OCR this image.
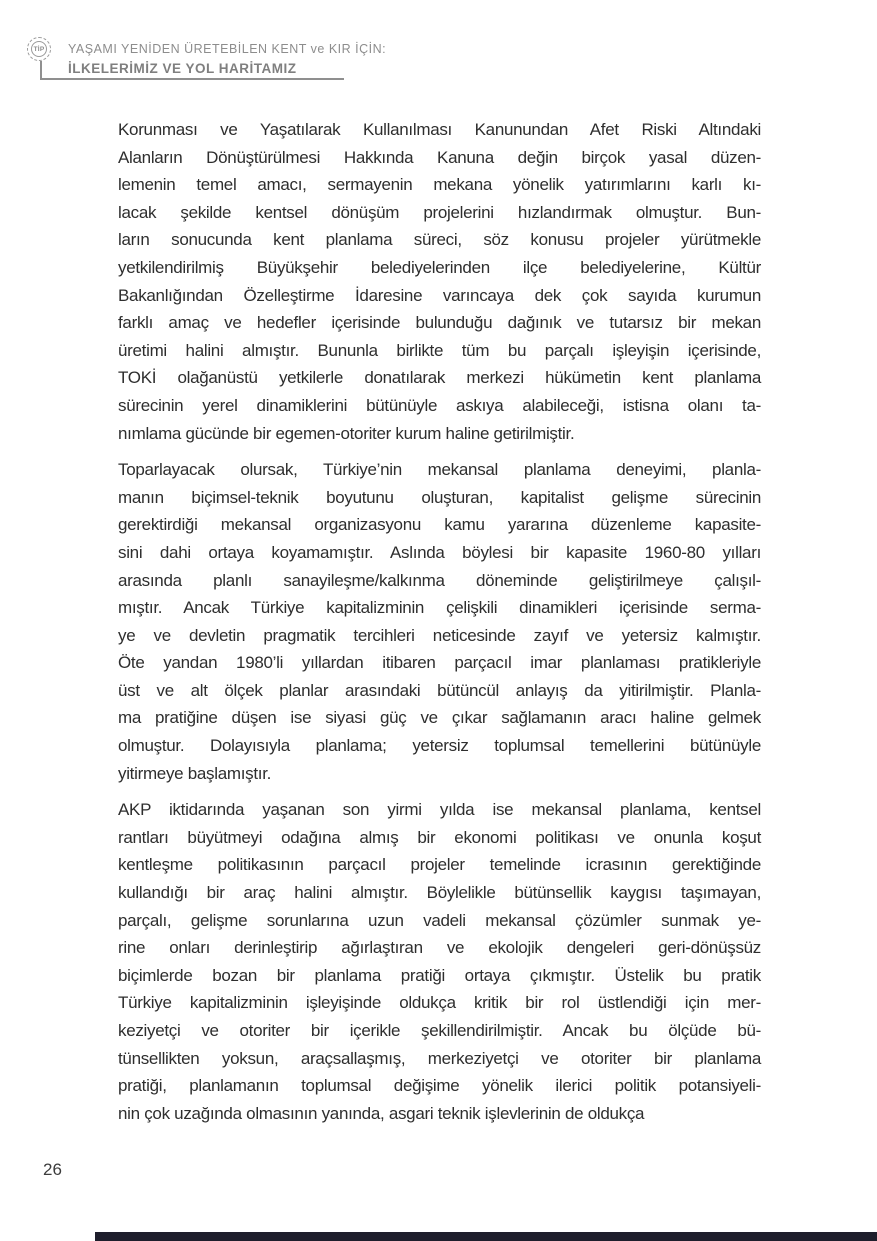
TİP YAŞAMI YENİDEN ÜRETEBİLEN KENT ve KIR İÇİN:
İLKELERİMİZ VE YOL HARİTAMIZ
Korunması ve Yaşatılarak Kullanılması Kanunundan Afet Riski Altındaki
Alanların Dönüştürülmesi Hakkında Kanuna değin birçok yasal düzen-
lemenin temel amacı, sermayenin mekana yönelik yatırımlarını karlı kı-
lacak şekilde kentsel dönüşüm projelerini hızlandırmak olmuştur. Bun-
ların sonucunda kent planlama süreci, söz konusu projeler yürütmekle
yetkilendirilmiş Büyükşehir belediyelerinden ilçe belediyelerine, Kültür
Bakanlığından Özelleştirme İdaresine varıncaya dek çok sayıda kurumun
farklı amaç ve hedefler içerisinde bulunduğu dağınık ve tutarsız bir mekan
üretimi halini almıştır. Bununla birlikte tüm bu parçalı işleyişin içerisinde,
TOKİ olağanüstü yetkilerle donatılarak merkezi hükümetin kent planlama
sürecinin yerel dinamiklerini bütünüyle askıya alabileceği, istisna olanı ta-
nımlama gücünde bir egemen-otoriter kurum haline getirilmiştir.
Toparlayacak olursak, Türkiye’nin mekansal planlama deneyimi, planla-
manın biçimsel-teknik boyutunu oluşturan, kapitalist gelişme sürecinin
gerektirdiği mekansal organizasyonu kamu yararına düzenleme kapasite-
sini dahi ortaya koyamamıştır. Aslında böylesi bir kapasite 1960-80 yılları
arasında planlı sanayileşme/kalkınma döneminde geliştirilmeye çalışıl-
mıştır. Ancak Türkiye kapitalizminin çelişkili dinamikleri içerisinde serma-
ye ve devletin pragmatik tercihleri neticesinde zayıf ve yetersiz kalmıştır.
Öte yandan 1980’li yıllardan itibaren parçacıl imar planlaması pratikleriyle
üst ve alt ölçek planlar arasındaki bütüncül anlayış da yitirilmiştir. Planla-
ma pratiğine düşen ise siyasi güç ve çıkar sağlamanın aracı haline gelmek
olmuştur. Dolayısıyla planlama; yetersiz toplumsal temellerini bütünüyle
yitirmeye başlamıştır.
AKP iktidarında yaşanan son yirmi yılda ise mekansal planlama, kentsel
rantları büyütmeyi odağına almış bir ekonomi politikası ve onunla koşut
kentleşme politikasının parçacıl projeler temelinde icrasının gerektiğinde
kullandığı bir araç halini almıştır. Böylelikle bütünsellik kaygısı taşımayan,
parçalı, gelişme sorunlarına uzun vadeli mekansal çözümler sunmak ye-
rine onları derinleştirip ağırlaştıran ve ekolojik dengeleri geri-dönüşsüz
biçimlerde bozan bir planlama pratiği ortaya çıkmıştır. Üstelik bu pratik
Türkiye kapitalizminin işleyişinde oldukça kritik bir rol üstlendiği için mer-
keziyetçi ve otoriter bir içerikle şekillendirilmiştir. Ancak bu ölçüde bü-
tünsellikten yoksun, araçsallaşmış, merkeziyetçi ve otoriter bir planlama
pratiği, planlamanın toplumsal değişime yönelik ilerici politik potansiyeli-
nin çok uzağında olmasının yanında, asgari teknik işlevlerinin de oldukça
26
